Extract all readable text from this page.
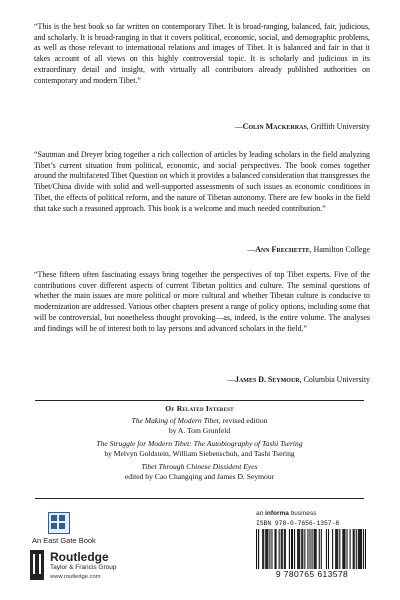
“This is the best book so far written on contemporary Tibet. It is broad-ranging, balanced, fair, judicious, and scholarly. It is broad-ranging in that it covers political, economic, social, and demographic problems, as well as those relevant to international relations and images of Tibet. It is balanced and fair in that it takes account of all views on this highly controversial topic. It is scholarly and judicious in its extraordinary detail and insight, with virtually all contributors already published authorities on contemporary and modern Tibet.”
—Colin Mackerras, Griffith University
“Sautman and Dreyer bring together a rich collection of articles by leading scholars in the field analyzing Tibet’s current situation from political, economic, and social perspectives. The book comes together around the multifaceted Tibet Question on which it provides a balanced consideration that transgresses the Tibet/China divide with solid and well-supported assessments of such issues as economic conditions in Tibet, the effects of political reform, and the nature of Tibetan autonomy. There are few books in the field that take such a reasoned approach. This book is a welcome and much needed contribution.”
—Ann Frechette, Hamilton College
“These fifteen often fascinating essays bring together the perspectives of top Tibet experts. Five of the contributions cover different aspects of current Tibetan politics and culture. The seminal questions of whether the main issues are more political or more cultural and whether Tibetan culture is conducive to modernization are addressed. Various other chapters present a range of policy options, including some that will be controversial, but nonetheless thought provoking—as, indeed, is the entire volume. The analyses and findings will be of interest both to lay persons and advanced scholars in the field.”
—James D. Seymour, Columbia University
Of Related Interest
The Making of Modern Tibet, revised edition
by A. Tom Grunfeld
The Struggle for Modern Tibet: The Autobiography of Tashi Tsering
by Melvyn Goldstein, William Siebenschuh, and Tashi Tsering
Tibet Through Chinese Dissident Eyes
edited by Cao Changqing and James D. Seymour
An East Gate Book
Routledge
Taylor & Francis Group
www.routledge.com
an informa business
ISBN 978-0-7656-1357-8
9 780765 613578
